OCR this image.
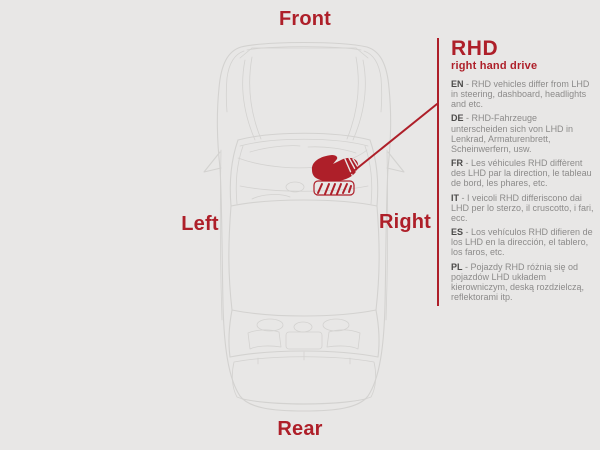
Front
Left	Right
Rear
RHD

right hand drive

EN - RHD vehicles differ from LHD in steering, dashboard, headlights and etc.

DE - RHD-Fahrzeuge unterscheiden sich von LHD in Lenkrad, Armaturenbrett, Scheinwerfern, usw.

FR - Les véhicules RHD diffèrent des LHD par la direction, le tableau de bord, les phares, etc.

IT - I veicoli RHD differiscono dai LHD per lo sterzo, il cruscotto, i fari, ecc.

ES - Los vehículos RHD difieren de los LHD en la dirección, el tablero, los faros, etc.

PL - Pojazdy RHD różnią się od pojazdów LHD układem kierowniczym, deską rozdzielczą, reflektorami itp.
